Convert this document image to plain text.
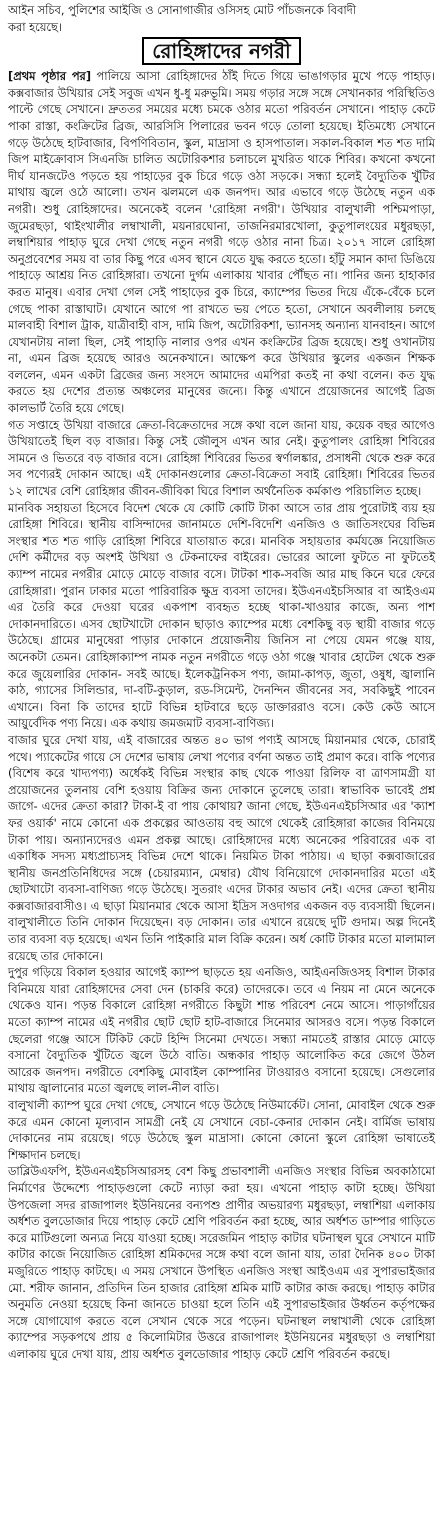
আইন সচিব, পুলিশের আইজি ও সোনাগাজীর ওসিসহ মোট পাঁচজনকে বিবাদী
করা হয়েছে।
রোহিঙ্গাদের নগরী

[প্রথম পৃষ্ঠার পর] পালিয়ে আসা রোহিঙ্গাদের ঠাঁই দিতে গিয়ে ভাঙাগড়ার মুখে পড়ে পাহাড়। কক্সবাজার উখিয়ার সেই সবুজ এখন ধু-ধু মরুভূমি। সময় গড়ার সঙ্গে সঙ্গে সেখানকার পরিস্থিতিও পাল্টে গেছে সেখানে। দ্রুততর সময়ের মধ্যে চমকে ওঠার মতো পরিবর্তন সেখানে। পাহাড় কেটে পাকা রাস্তা, কংক্রিটের ব্রিজ, আরসিসি পিলারের ভবন গড়ে তোলা হয়েছে। ইতিমধ্যে সেখানে গড়ে উঠেছে হাটবাজার, বিপণিবিতান, স্কুল, মাদ্রাসা ও হাসপাতাল। সকাল-বিকাল শত শত দামি জিপ মাইক্রোবাস সিএনজি চালিত অটোরিকশার চলাচলে মুখরিত থাকে শিবির। কখনো কখনো দীর্ঘ যানজটেও পড়তে হয় পাহাড়ের বুক চিরে গড়ে ওঠা সড়কে। সন্ধ্যা হলেই বৈদ্যুতিক খুঁটির মাথায় জ্বলে ওঠে আলো। তখন ঝলমলে এক জনপদ। আর এভাবে গড়ে উঠেছে নতুন এক নগরী। শুধু রোহিঙ্গাদের। অনেকেই বলেন 'রোহিঙ্গা নগরী'। উখিয়ার বালুখালী পশ্চিমপাড়া, জুমেরছড়া, থাইংখালীর লম্বাখালী, ময়নারঘোনা, তাজনিরমারখোলা, কুতুপালংয়ের মধুরছড়া, লম্বাশিয়ার পাহাড় ঘুরে দেখা গেছে নতুন নগরী গড়ে ওঠার নানা চিত্র। ২০১৭ সালে রোহিঙ্গা অনুপ্রবেশের সময় বা তার কিছু পরে এসব স্থানে যেতে যুদ্ধ করতে হতো। হাঁটু সমান কাদা ডিঙিয়ে পাহাড়ে আশ্রয় নিত রোহিঙ্গারা। তখনো দুর্গম এলাকায় খাবার পৌঁছত না। পানির জন্য হাহাকার করত মানুষ। এবার দেখা গেল সেই পাহাড়ের বুক চিরে, ক্যাম্পের ভিতর দিয়ে এঁকে-বেঁকে চলে গেছে পাকা রাস্তাঘাট। যেখানে আগে পা রাখতে ভয় পেতে হতো, সেখানে অবলীলায় চলছে মালবাহী বিশাল ট্রাক, যাত্রীবাহী বাস, দামি জিপ, অটোরিকশা, ভ্যানসহ অন্যান্য যানবাহন। আগে যেখানটায় নালা ছিল, সেই পাহাড়ি নালার ওপর এখন কংক্রিটের ব্রিজ হয়েছে। শুধু ওখানটায় না, এমন ব্রিজ হয়েছে আরও অনেকখানে। আক্ষেপ করে উখিয়ার স্কুলের একজন শিক্ষক বললেন, এমন একটা ব্রিজের জন্য সংসদে আমাদের এমপিরা কতই না কথা বলেন। কত যুদ্ধ করতে হয় দেশের প্রত্যন্ত অঞ্চলের মানুষের জন্যে। কিন্তু এখানে প্রয়োজনের আগেই ব্রিজ কালভার্ট তৈরি হয়ে গেছে।

গত সপ্তাহে উখিয়া বাজারে ক্রেতা-বিক্রেতাদের সঙ্গে কথা বলে জানা যায়, কয়েক বছর আগেও উখিয়াতেই ছিল বড় বাজার। কিন্তু সেই জৌলুস এখন আর নেই। কুতুপালং রোহিঙ্গা শিবিরের সামনে ও ভিতরে বড় বাজার বসে। রোহিঙ্গা শিবিরের ভিতর স্বর্ণালঙ্কার, প্রসাধনী থেকে শুরু করে সব পণ্যেরই দোকান আছে। এই দোকানগুলোর ক্রেতা-বিক্রেতা সবাই রোহিঙ্গা। শিবিরের ভিতর ১২ লাখের বেশি রোহিঙ্গার জীবন-জীবিকা ঘিরে বিশাল অর্থনৈতিক কর্মকাণ্ড পরিচালিত হচ্ছে।

মানবিক সহায়তা হিসেবে বিদেশ থেকে যে কোটি কোটি টাকা আসে তার প্রায় পুরোটাই ব্যয় হয় রোহিঙ্গা শিবিরে। স্থানীয় বাসিন্দাদের জানামতে দেশি-বিদেশি এনজিও ও জাতিসংঘের বিভিন্ন সংস্থার শত শত গাড়ি রোহিঙ্গা শিবিরে যাতায়াত করে। মানবিক সহায়তার কর্মযজ্ঞে নিয়োজিত দেশি কর্মীদের বড় অংশই উখিয়া ও টেকনাফের বাইরের। ভোরের আলো ফুটতে না ফুটতেই ক্যাম্প নামের নগরীর মোড়ে মোড়ে বাজার বসে। টাটকা শাক-সবজি আর মাছ কিনে ঘরে ফেরে রোহিঙ্গারা। পুরান ঢাকার মতো পারিবারিক ক্ষুদ্র ব্যবসা তাদের। ইউএনএইচসিআর বা আইওএম এর তৈরি করে দেওয়া ঘরের একপাশ ব্যবহৃত হচ্ছে থাকা-খাওয়ার কাজে, অন্য পাশ দোকানদারিতে। এসব ছোটখাটো দোকান ছাড়াও ক্যাম্পের মধ্যে বেশকিছু বড় স্থায়ী বাজার গড়ে উঠেছে। গ্রামের মানুষেরা পাড়ার দোকানে প্রয়োজনীয় জিনিস না পেয়ে যেমন গঞ্জে যায়, অনেকটা তেমন। রোহিঙ্গাক্যাম্প নামক নতুন নগরীতে গড়ে ওঠা গঞ্জে খাবার হোটেল থেকে শুরু করে জুয়েলারির দোকান- সবই আছে। ইলেকট্রনিকস পণ্য, জামা-কাপড়, জুতা, ওষুধ, জ্বালানি কাঠ, গ্যাসের সিলিন্ডার, দা-বটি-কুড়াল, রড-সিমেন্ট, দৈনন্দিন জীবনের সব, সবকিছুই পাবেন এখানে। বিনা কি তাদের হাটে বিভিন্ন হাটবারে ছড়ে ডাক্তাররাও বসে। কেউ কেউ আসে আয়ুর্বেদিক পণ্য নিয়ে। এক কথায় জমজমাট ব্যবসা-বাণিজ্য।

বাজার ঘুরে দেখা যায়, এই বাজারের অন্তত ৪০ ভাগ পণ্যই আসছে মিয়ানমার থেকে, চোরাই পথে। প্যাকেটের গায়ে সে দেশের ভাষায় লেখা পণ্যের বর্ণনা অন্তত তাই প্রমাণ করে। বাকি পণ্যের (বিশেষ করে খাদ্যপণ্য) অর্ধেকই বিভিন্ন সংস্থার কাছ থেকে পাওয়া রিলিফ বা ত্রাণসামগ্রী যা প্রয়োজনের তুলনায় বেশি হওয়ায় বিক্রির জন্য দোকানে তুলেছে তারা। স্বাভাবিক ভাবেই প্রশ্ন জাগে- এদের ক্রেতা কারা? টাকা-ই বা পায় কোথায়? জানা গেছে, ইউএনএইচসিআর এর 'ক্যাশ ফর ওয়ার্ক' নামে কোনো এক প্রকল্পের আওতায় বহু আগে থেকেই রোহিঙ্গারা কাজের বিনিময়ে টাকা পায়। অন্যান্যদেরও এমন প্রকল্প আছে। রোহিঙ্গাদের মধ্যে অনেকের পরিবারের এক বা একাধিক সদস্য মধ্যপ্রাচ্যসহ বিভিন্ন দেশে থাকে। নিয়মিত টাকা পাঠায়। এ ছাড়া কক্সবাজারের স্থানীয় জনপ্রতিনিধিদের সঙ্গে (চেয়ারম্যান, মেম্বার) যৌথ বিনিয়োগে দোকানদারির মতো এই ছোটখাটো ব্যবসা-বাণিজ্য গড়ে উঠেছে। সুতরাং এদের টাকার অভাব নেই। এদের ক্রেতা স্থানীয় কক্সবাজারবাসীও। এ ছাড়া মিয়ানমার থেকে আসা ইদ্রিস সওদাগর একজন বড় ব্যবসায়ী ছিলেন। বালুখালীতে তিনি দোকান দিয়েছেন। বড় দোকান। তার এখানে রয়েছে দুটি গুদাম। অল্প দিনেই তার ব্যবসা বড় হয়েছে। এখন তিনি পাইকারি মাল বিক্রি করেন। অর্ধ কোটি টাকার মতো মালামাল রয়েছে তার দোকানে।

দুপুর গড়িয়ে বিকাল হওয়ার আগেই ক্যাম্প ছাড়তে হয় এনজিও, আইএনজিওসহ বিশাল টাকার বিনিময়ে যারা রোহিঙ্গাদের সেবা দেন (চাকরি করে) তাদেরকে। তবে এ নিয়ম না মেনে অনেকে থেকেও যান। পড়ন্ত বিকালে রোহিঙ্গা নগরীতে কিছুটা শান্ত পরিবেশ নেমে আসে। পাড়াগাঁয়ের মতো ক্যাম্প নামের এই নগরীর ছোট ছোট হাট-বাজারে সিনেমার আসরও বসে। পড়ন্ত বিকালে ছেলেরা গঞ্জে আসে টিকিট কেটে হিন্দি সিনেমা দেখতে। সন্ধ্যা নামতেই রাস্তার মোড়ে মোড়ে বসানো বৈদ্যুতিক খুঁটিতে জ্বলে উঠে বাতি। অন্ধকার পাহাড় আলোকিত করে জেগে উঠল আরেক জনপদ। নগরীতে বেশকিছু মোবাইল কোম্পানির টাওয়ারও বসানো হয়েছে। সেগুলোর মাথায় জ্বালানোর মতো জ্বলছে লাল-নীল বাতি।

বালুখালী ক্যাম্প ঘুরে দেখা গেছে, সেখানে গড়ে উঠেছে নিউমার্কেট। সোনা, মোবাইল থেকে শুরু করে এমন কোনো মূল্যবান সামগ্রী নেই যে সেখানে বেচা-কেনার দোকান নেই। বার্মিজ ভাষায় দোকানের নাম রয়েছে। গড়ে উঠেছে স্কুল মাদ্রাসা। কোনো কোনো স্কুলে রোহিঙ্গা ভাষাতেই শিক্ষাদান চলছে।

ডাব্লিউএফপি, ইউএনএইচসিআরসহ বেশ কিছু প্রভাবশালী এনজিও সংস্থার বিভিন্ন অবকাঠামো নির্মাণের উদ্দেশ্যে পাহাড়গুলো কেটে ন্যাড়া করা হয়। এখনো পাহাড় কাটা হচ্ছে। উখিয়া উপজেলা সদর রাজাপালং ইউনিয়নের বন্যপশু প্রাণীর অভয়ারণ্য মধুরছড়া, লম্বাশিয়া এলাকায় অর্ধশত বুলডোজার দিয়ে পাহাড় কেটে শ্রেণি পরিবর্তন করা হচ্ছে, আর অর্ধশত ডাম্পার গাড়িতে করে মাটিগুলো অন্যত্র নিয়ে যাওয়া হচ্ছে। সরেজমিন পাহাড় কাটার ঘটনাস্থল ঘুরে সেখানে মাটি কাটার কাজে নিয়োজিত রোহিঙ্গা শ্রমিকদের সঙ্গে কথা বলে জানা যায়, তারা দৈনিক ৪০০ টাকা মজুরিতে পাহাড় কাটছে। এ সময় সেখানে উপস্থিত এনজিও সংস্থা আইওএম এর সুপারভাইজার মো. শরীফ জানান, প্রতিদিন তিন হাজার রোহিঙ্গা শ্রমিক মাটি কাটার কাজ করছে। পাহাড় কাটার অনুমতি নেওয়া হয়েছে কিনা জানতে চাওয়া হলে তিনি এই সুপারভাইজার উর্ধ্বতন কর্তৃপক্ষের সঙ্গে যোগাযোগ করতে বলে সেখান থেকে সরে পড়েন। ঘটনাস্থল লম্বাখালী থেকে রোহিঙ্গা ক্যাম্পের সড়কপথে প্রায় ৫ কিলোমিটার উত্তরে রাজাপালং ইউনিয়নের মধুরছড়া ও লম্বাশিয়া এলাকায় ঘুরে দেখা যায়, প্রায় অর্ধশত বুলডোজার পাহাড় কেটে শ্রেণি পরিবর্তন করছে।
